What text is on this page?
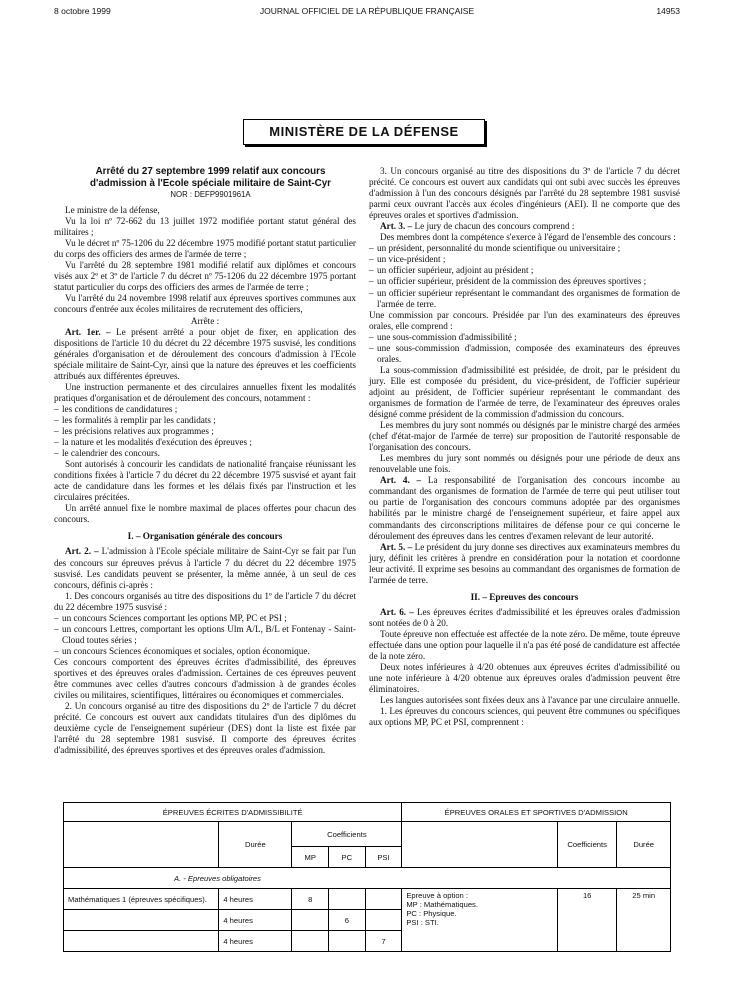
8 octobre 1999	JOURNAL OFFICIEL DE LA RÉPUBLIQUE FRANÇAISE	14953
MINISTÈRE DE LA DÉFENSE

Arrêté du 27 septembre 1999 relatif aux concours

d'admission à l'Ecole spéciale militaire de Saint-Cyr

NOR : DEFP9901961A

Le ministre de la défense,

Vu la loi nº 72-662 du 13 juillet 1972 modifiée portant statut général des militaires ;

Vu le décret nº 75-1206 du 22 décembre 1975 modifié portant statut particulier du corps des officiers des armes de l'armée de terre ;

Vu l'arrêté du 28 septembre 1981 modifié relatif aux diplômes et concours visés aux 2º et 3º de l'article 7 du décret nº 75-1206 du 22 décembre 1975 portant statut particulier du corps des officiers des armes de l'armée de terre ;

Vu l'arrêté du 24 novembre 1998 relatif aux épreuves sportives communes aux concours d'entrée aux écoles militaires de recrutement des officiers,

Arrête :

Art. 1er. – Le présent arrêté a pour objet de fixer, en application des dispositions de l'article 10 du décret du 22 décembre 1975 susvisé, les conditions générales d'organisation et de déroulement des concours d'admission à l'Ecole spéciale militaire de Saint-Cyr, ainsi que la nature des épreuves et les coefficients attribués aux différentes épreuves.

Une instruction permanente et des circulaires annuelles fixent les modalités pratiques d'organisation et de déroulement des concours, notamment :

– les conditions de candidatures ;

– les formalités à remplir par les candidats ;

– les précisions relatives aux programmes ;

– la nature et les modalités d'exécution des épreuves ;

– le calendrier des concours.

Sont autorisés à concourir les candidats de nationalité française réunissant les conditions fixées à l'article 7 du décret du 22 décembre 1975 susvisé et ayant fait acte de candidature dans les formes et les délais fixés par l'instruction et les circulaires précitées.

Un arrêté annuel fixe le nombre maximal de places offertes pour chacun des concours.

I. – Organisation générale des concours

Art. 2. – L'admission à l'Ecole spéciale militaire de Saint-Cyr se fait par l'un des concours sur épreuves prévus à l'article 7 du décret du 22 décembre 1975 susvisé. Les candidats peuvent se présenter, la même année, à un seul de ces concours, définis ci-après :

1. Des concours organisés au titre des dispositions du 1º de l'article 7 du décret du 22 décembre 1975 susvisé :

– un concours Sciences comportant les options MP, PC et PSI ;

– un concours Lettres, comportant les options Ulm A/L, B/L et Fontenay - Saint-Cloud toutes séries ;

– un concours Sciences économiques et sociales, option économique.

Ces concours comportent des épreuves écrites d'admissibilité, des épreuves sportives et des épreuves orales d'admission. Certaines de ces épreuves peuvent être communes avec celles d'autres concours d'admission à de grandes écoles civiles ou militaires, scientifiques, littéraires ou économiques et commerciales.

2. Un concours organisé au titre des dispositions du 2º de l'article 7 du décret précité. Ce concours est ouvert aux candidats titulaires d'un des diplômes du deuxième cycle de l'enseignement supérieur (DES) dont la liste est fixée par l'arrêté du 28 septembre 1981 susvisé. Il comporte des épreuves écrites d'admissibilité, des épreuves sportives et des épreuves orales d'admission.

3. Un concours organisé au titre des dispositions du 3º de l'article 7 du décret précité. Ce concours est ouvert aux candidats qui ont subi avec succès les épreuves d'admission à l'un des concours désignés par l'arrêté du 28 septembre 1981 susvisé parmi ceux ouvrant l'accès aux écoles d'ingénieurs (AEI). Il ne comporte que des épreuves orales et sportives d'admission.

Art. 3. – Le jury de chacun des concours comprend :

Des membres dont la compétence s'exerce à l'égard de l'ensemble des concours :

– un président, personnalité du monde scientifique ou universitaire ;

– un vice-président ;

– un officier supérieur, adjoint au président ;

– un officier supérieur, président de la commission des épreuves sportives ;

– un officier supérieur représentant le commandant des organismes de formation de l'armée de terre.

Une commission par concours. Présidée par l'un des examinateurs des épreuves orales, elle comprend :

– une sous-commission d'admissibilité ;

– une sous-commission d'admission, composée des examinateurs des épreuves orales.

La sous-commission d'admissibilité est présidée, de droit, par le président du jury. Elle est composée du président, du vice-président, de l'officier supérieur adjoint au président, de l'officier supérieur représentant le commandant des organismes de formation de l'armée de terre, de l'examinateur des épreuves orales désigné comme président de la commission d'admission du concours.

Les membres du jury sont nommés ou désignés par le ministre chargé des armées (chef d'état-major de l'armée de terre) sur proposition de l'autorité responsable de l'organisation des concours.

Les membres du jury sont nommés ou désignés pour une période de deux ans renouvelable une fois.

Art. 4. – La responsabilité de l'organisation des concours incombe au commandant des organismes de formation de l'armée de terre qui peut utiliser tout ou partie de l'organisation des concours communs adoptée par des organismes habilités par le ministre chargé de l'enseignement supérieur, et faire appel aux commandants des circonscriptions militaires de défense pour ce qui concerne le déroulement des épreuves dans les centres d'examen relevant de leur autorité.

Art. 5. – Le président du jury donne ses directives aux examinateurs membres du jury, définit les critères à prendre en considération pour la notation et coordonne leur activité. Il exprime ses besoins au commandant des organismes de formation de l'armée de terre.

II. – Epreuves des concours

Art. 6. – Les épreuves écrites d'admissibilité et les épreuves orales d'admission sont notées de 0 à 20.

Toute épreuve non effectuée est affectée de la note zéro. De même, toute épreuve effectuée dans une option pour laquelle il n'a pas été posé de candidature est affectée de la note zéro.

Deux notes inférieures à 4/20 obtenues aux épreuves écrites d'admissibilité ou une note inférieure à 4/20 obtenue aux épreuves orales d'admission peuvent être éliminatoires.

Les langues autorisées sont fixées deux ans à l'avance par une circulaire annuelle.

1. Les épreuves du concours sciences, qui peuvent être communes ou spécifiques aux options MP, PC et PSI, comprennent :

ÉPREUVES ÉCRITES D'ADMISSIBILITÉ					ÉPREUVES ORALES ET SPORTIVES D'ADMISSION		
	Durée	Coefficients				Coefficients	Durée
		MP	PC	PSI			
A. - Epreuves obligatoires							
Mathématiques 1 (épreuves spécifiques).	4 heures	8			Epreuve à option :
MP : Mathématiques.
PC : Physique.
PSI : STI.	16	25 min
	4 heures		6				
	4 heures			7			
